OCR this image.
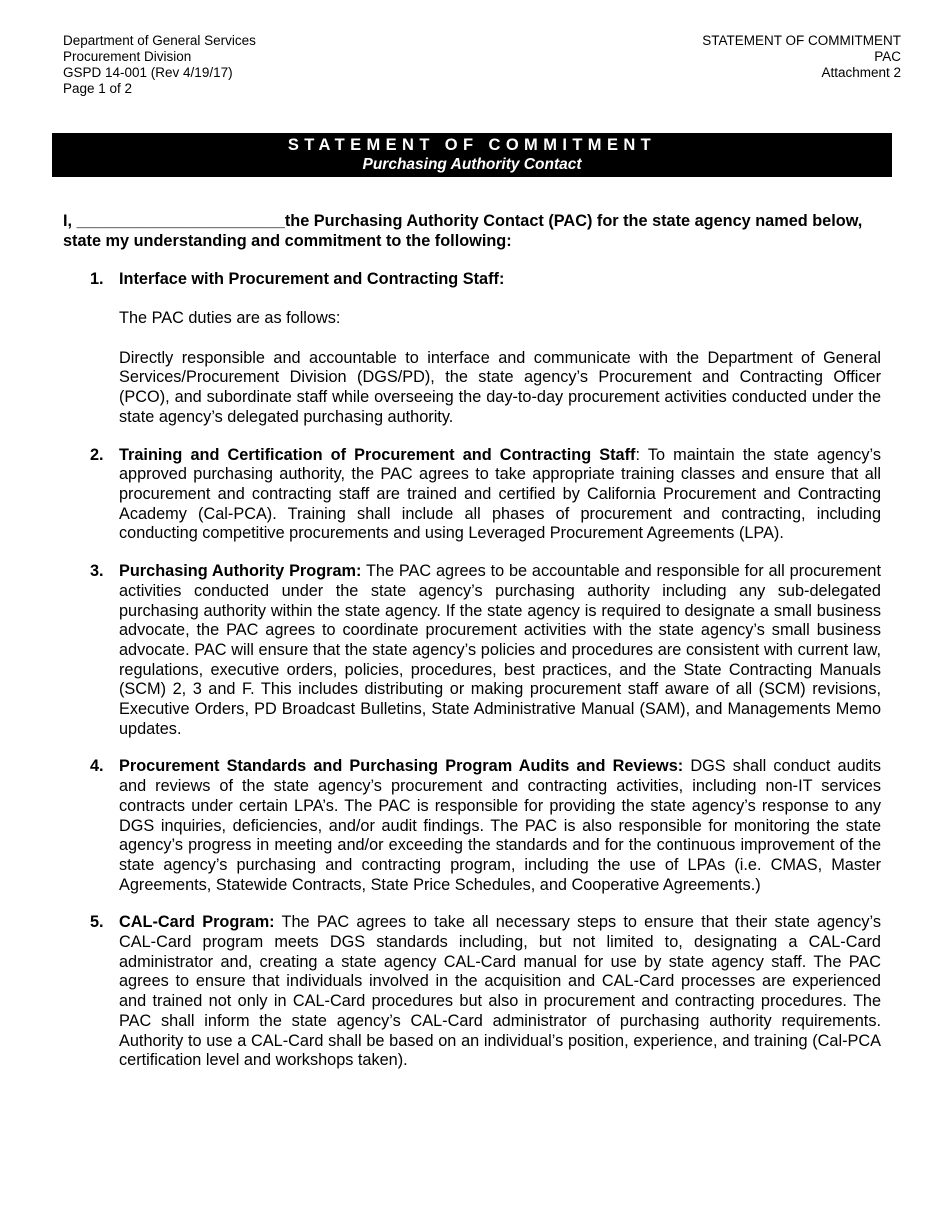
Department of General Services
Procurement Division
GSPD 14-001 (Rev 4/19/17)
Page 1 of 2
STATEMENT OF COMMITMENT
PAC
Attachment 2
STATEMENT OF COMMITMENT
Purchasing Authority Contact
I, _______________________the Purchasing Authority Contact (PAC) for the state agency named below, state my understanding and commitment to the following:
1. Interface with Procurement and Contracting Staff:

The PAC duties are as follows:

Directly responsible and accountable to interface and communicate with the Department of General Services/Procurement Division (DGS/PD), the state agency’s Procurement and Contracting Officer (PCO), and subordinate staff while overseeing the day-to-day procurement activities conducted under the state agency’s delegated purchasing authority.

2. Training and Certification of Procurement and Contracting Staff: To maintain the state agency’s approved purchasing authority, the PAC agrees to take appropriate training classes and ensure that all procurement and contracting staff are trained and certified by California Procurement and Contracting Academy (Cal-PCA). Training shall include all phases of procurement and contracting, including conducting competitive procurements and using Leveraged Procurement Agreements (LPA).

3. Purchasing Authority Program: The PAC agrees to be accountable and responsible for all procurement activities conducted under the state agency’s purchasing authority including any sub-delegated purchasing authority within the state agency. If the state agency is required to designate a small business advocate, the PAC agrees to coordinate procurement activities with the state agency’s small business advocate. PAC will ensure that the state agency’s policies and procedures are consistent with current law, regulations, executive orders, policies, procedures, best practices, and the State Contracting Manuals (SCM) 2, 3 and F. This includes distributing or making procurement staff aware of all (SCM) revisions, Executive Orders, PD Broadcast Bulletins, State Administrative Manual (SAM), and Managements Memo updates.

4. Procurement Standards and Purchasing Program Audits and Reviews: DGS shall conduct audits and reviews of the state agency’s procurement and contracting activities, including non-IT services contracts under certain LPA’s. The PAC is responsible for providing the state agency’s response to any DGS inquiries, deficiencies, and/or audit findings. The PAC is also responsible for monitoring the state agency’s progress in meeting and/or exceeding the standards and for the continuous improvement of the state agency’s purchasing and contracting program, including the use of LPAs (i.e. CMAS, Master Agreements, Statewide Contracts, State Price Schedules, and Cooperative Agreements.)

5. CAL-Card Program: The PAC agrees to take all necessary steps to ensure that their state agency’s CAL-Card program meets DGS standards including, but not limited to, designating a CAL-Card administrator and, creating a state agency CAL-Card manual for use by state agency staff. The PAC agrees to ensure that individuals involved in the acquisition and CAL-Card processes are experienced and trained not only in CAL-Card procedures but also in procurement and contracting procedures. The PAC shall inform the state agency’s CAL-Card administrator of purchasing authority requirements. Authority to use a CAL-Card shall be based on an individual’s position, experience, and training (Cal-PCA certification level and workshops taken).
